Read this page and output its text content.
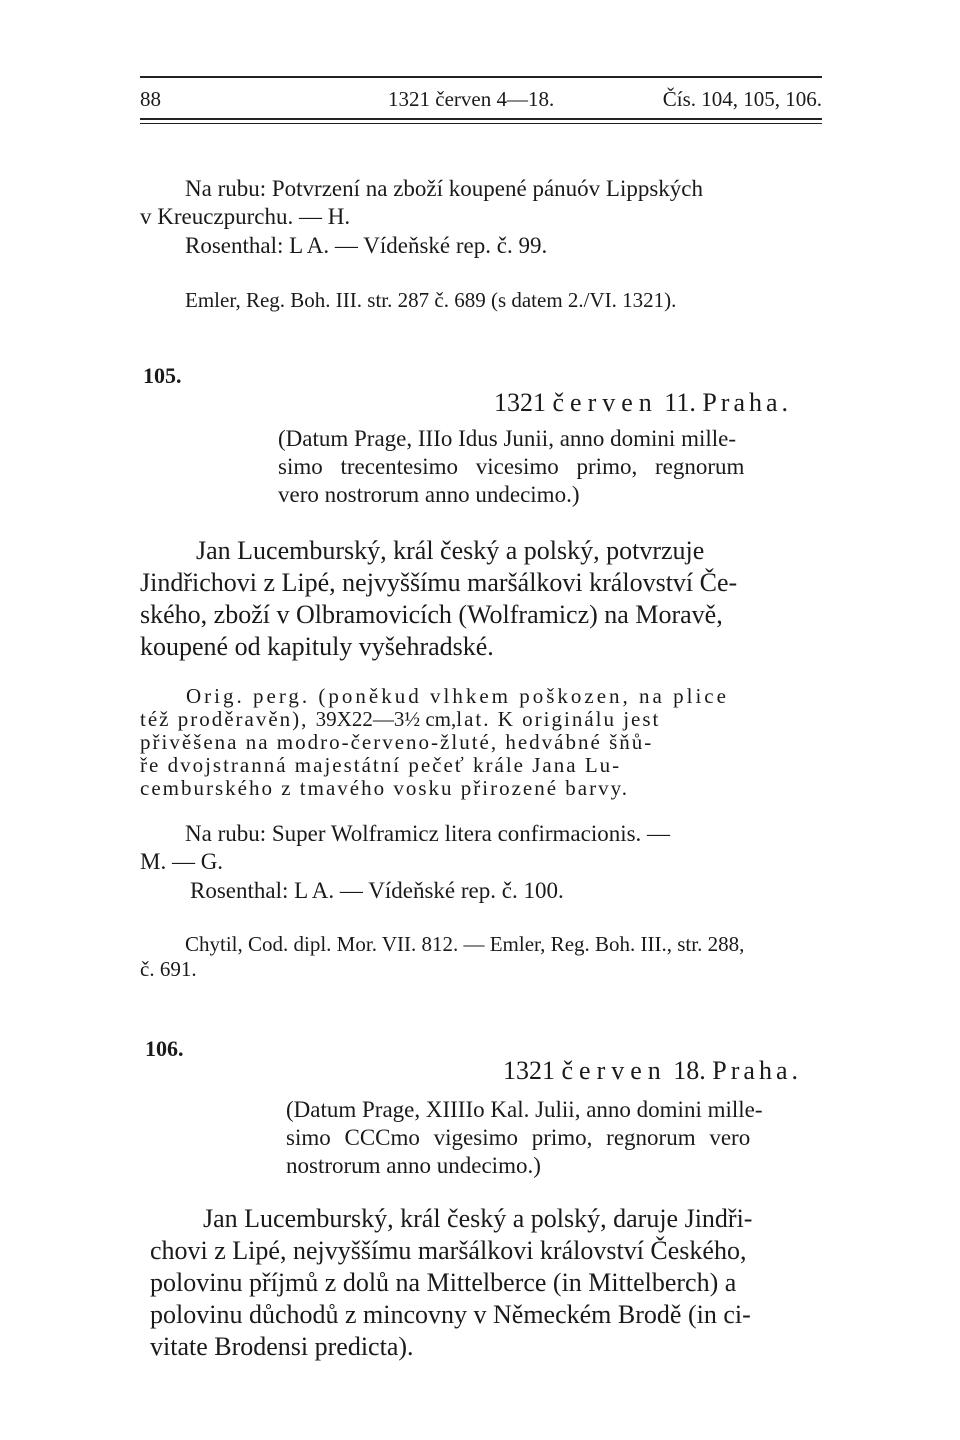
88	1321 červen 4—18.	Čís. 104, 105, 106.
Na rubu: Potvrzení na zboží koupené pánuóv Lippských
v Kreuczpurchu. — H.
Rosenthal: L A. — Vídeňské rep. č. 99.
Emler, Reg. Boh. III. str. 287 č. 689 (s datem 2./VI. 1321).
105.
1321 červen 11. Praha.
(Datum Prage, IIIo Idus Junii, anno domini mille-
simo trecentesimo vicesimo primo, regnorum
vero nostrorum anno undecimo.)
Jan Lucemburský, král český a polský, potvrzuje
Jindřichovi z Lipé, nejvyššímu maršálkovi království Če-
ského, zboží v Olbramovicích (Wolframicz) na Moravě,
koupené od kapituly vyšehradské.
Orig. perg. (poněkud vlhkem poškozen, na plice
též proděravěn), 39X22—3½ cm,lat. K originálu jest
přivěšena na modro-červeno-žluté, hedvábné šňů-
ře dvojstranná majestátní pečeť krále Jana Lu-
cemburského z tmavého vosku přirozené barvy.
Na rubu: Super Wolframicz litera confirmacionis. —
M. — G.
Rosenthal: L A. — Vídeňské rep. č. 100.
Chytil, Cod. dipl. Mor. VII. 812. — Emler, Reg. Boh. III., str. 288,
č. 691.
106.
1321 červen 18. Praha.
(Datum Prage, XIIIIo Kal. Julii, anno domini mille-
simo CCCmo vigesimo primo, regnorum vero
nostrorum anno undecimo.)
Jan Lucemburský, král český a polský, daruje Jindři-
chovi z Lipé, nejvyššímu maršálkovi království Českého,
polovinu příjmů z dolů na Mittelberce (in Mittelberch) a
polovinu důchodů z mincovny v Německém Brodě (in ci-
vitate Brodensi predicta).
